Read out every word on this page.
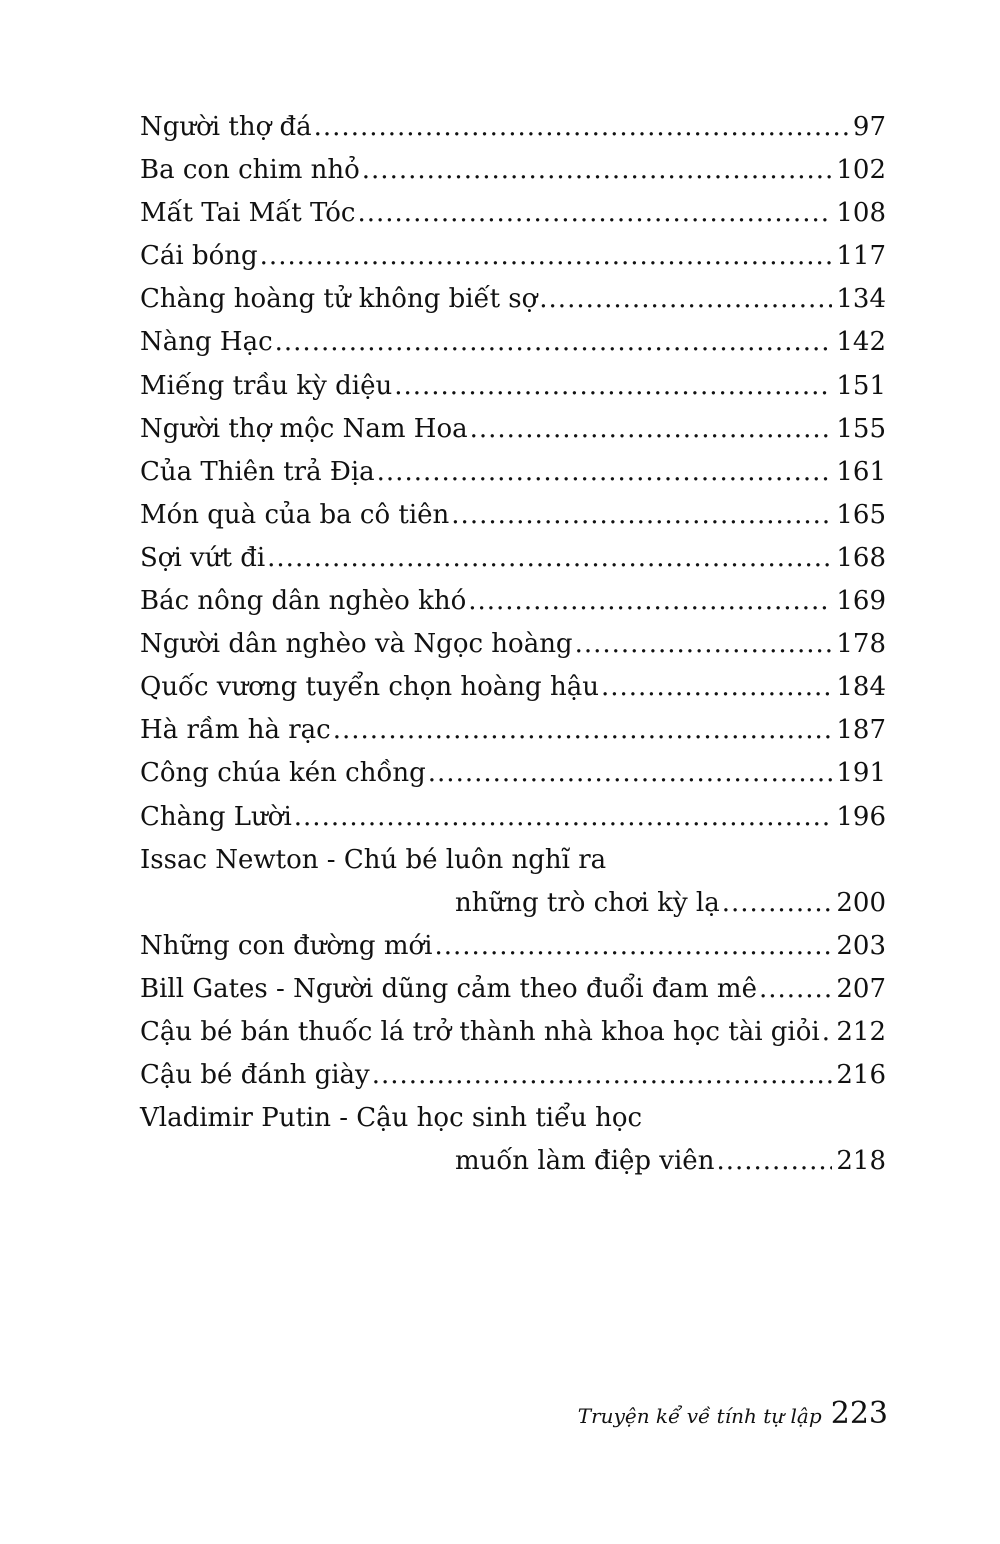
Người thợ đá .....	97
Ba con chim nhỏ .....	102
Mất Tai Mất Tóc .....	108
Cái bóng .....	117
Chàng hoàng tử không biết sợ .....	134
Nàng Hạc .....	142
Miếng trầu kỳ diệu .....	151
Người thợ mộc Nam Hoa .....	155
Của Thiên trả Địa .....	161
Món quà của ba cô tiên .....	165
Sợi vứt đi .....	168
Bác nông dân nghèo khó .....	169
Người dân nghèo và Ngọc hoàng .....	178
Quốc vương tuyển chọn hoàng hậu .....	184
Hà rầm hà rạc .....	187
Công chúa kén chồng .....	191
Chàng Lười .....	196
Issac Newton - Chú bé luôn nghĩ ra
những trò chơi kỳ lạ .....	200
Những con đường mới .....	203
Bill Gates - Người dũng cảm theo đuổi đam mê .....	207
Cậu bé bán thuốc lá trở thành nhà khoa học tài giỏi ..... 212
Cậu bé đánh giày .....	216
Vladimir Putin - Cậu học sinh tiểu học
muốn làm điệp viên .....	218
Truyện kể về tính tự lập 223
